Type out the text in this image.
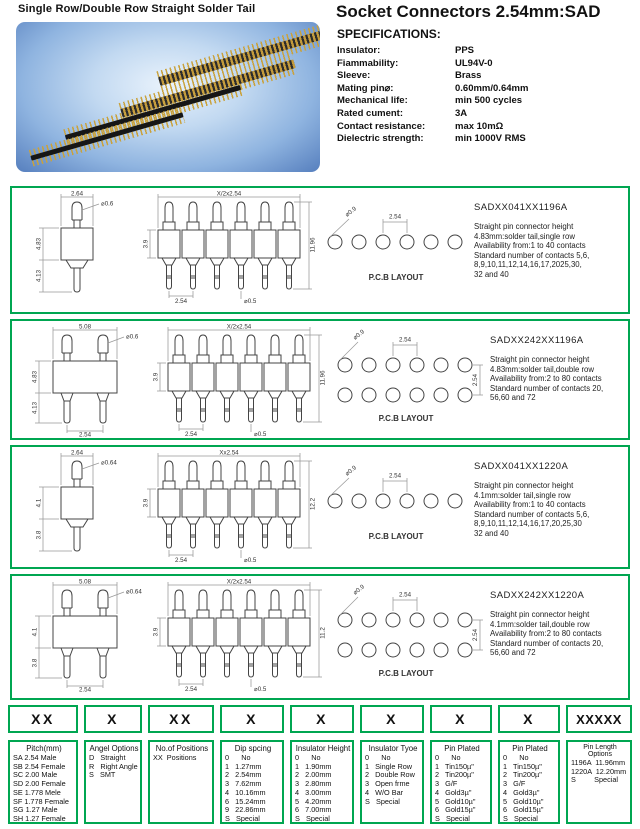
Single Row/Double Row Straight Solder Tail	Socket Connectors 2.54mm:SAD
SPECIFICATIONS:
Insulator:	PPS
Fiammability:	UL94V-0
Sleeve:	Brass
Mating pin⌀:	0.60mm/0.64mm
Mechanical life:	min 500 cycles
Rated cument:	3A
Contact resistance:	max 10mΩ
Dielectric strength:	min 1000V RMS
2.64
⌀0.6
4.83
4.13
X/2x2.54
3.9	11.96
2.54	⌀0.5
⌀0.9	2.54
P.C.B LAYOUT
SADXX041XX1196A
Straight pin connector height
4.83mm:solder tail,single row
Availability from:1 to 40 contacts
Standard number of contacts 5,6,
8,9,10,11,12,14,16,17,2025,30,
32 and 40
5.08
⌀0.6
4.83
4.13
2.54
X/2x2.54
3.9	11.96
2.54	⌀0.5
⌀0.9	2.54
2.54
P.C.B LAYOUT
SADXX242XX1196A
Straight pin connector height
4.83mm:solder tail,double row
Availability from:2 to 80 contacts
Standard number of contacts 20,
56,60 and 72
2.64
⌀0.64
4.1
3.8
Xx2.54
3.9	12.2
2.54	⌀0.5
⌀0.9	2.54
P.C.B LAYOUT
SADXX041XX1220A
Straight pin connector height
4.1mm:solder tail,single row
Availability from:1 to 40 contacts
Standard number of contacts 5,6,
8,9,10,11,12,14,16,17,20,25,30
32 and 40
5.08
⌀0.64
4.1
3.8
2.54
X/2x2.54
3.9	11.2
2.54	⌀0.5
⌀0.9	2.54
2.54
P.C.B LAYOUT
SADXX242XX1220A
Straight pin connector height
4.1mm:solder tail,double row
Availability from:2 to 80 contacts
Standard number of contacts 20,
56,60 and 72
XX
Pitch(mm)
SA 2.54 Male
SB 2.54 Female
SC 2.00 Male
SD 2.00 Female
SE 1.778 Mele
SF 1.778 Female
SG 1.27 Male
SH 1.27 Female
X
Angel Options
D   Straight
R   Right Angle
S   SMT
XX
No.of Positions
XX  Positions
X
Dip spcing
0      No
1   1.27mm
2   2.54mm
3   7.62mm
4   10.16mm
6   15.24mm
9   22.86mm
S   Special
X
Insulator Height
0      No
1   1.90mm
2   2.00mm
3   2.80mm
4   3.00mm
5   4.20mm
6   7.00mm
S   Special
X
Insulator Tyoe
0      No
1   Single Row
2   Double Row
3   Open frme
4   W/O Bar
S   Special
X
Pin Plated
0      No
1   Tin150µ"
2   Tin200µ"
3   G/F
4   Gold3µ"
5   Gold10µ"
6   Gold15µ"
S   Special
X
Pin Plated
0      No
1   Tin150µ"
2   Tin200µ"
3   G/F
4   Gold3µ"
5   Gold10µ"
6   Gold15µ"
S   Special
XXXXX
Pin Length Options
1196A  11.96mm
1220A  12.20mm
S         Special
